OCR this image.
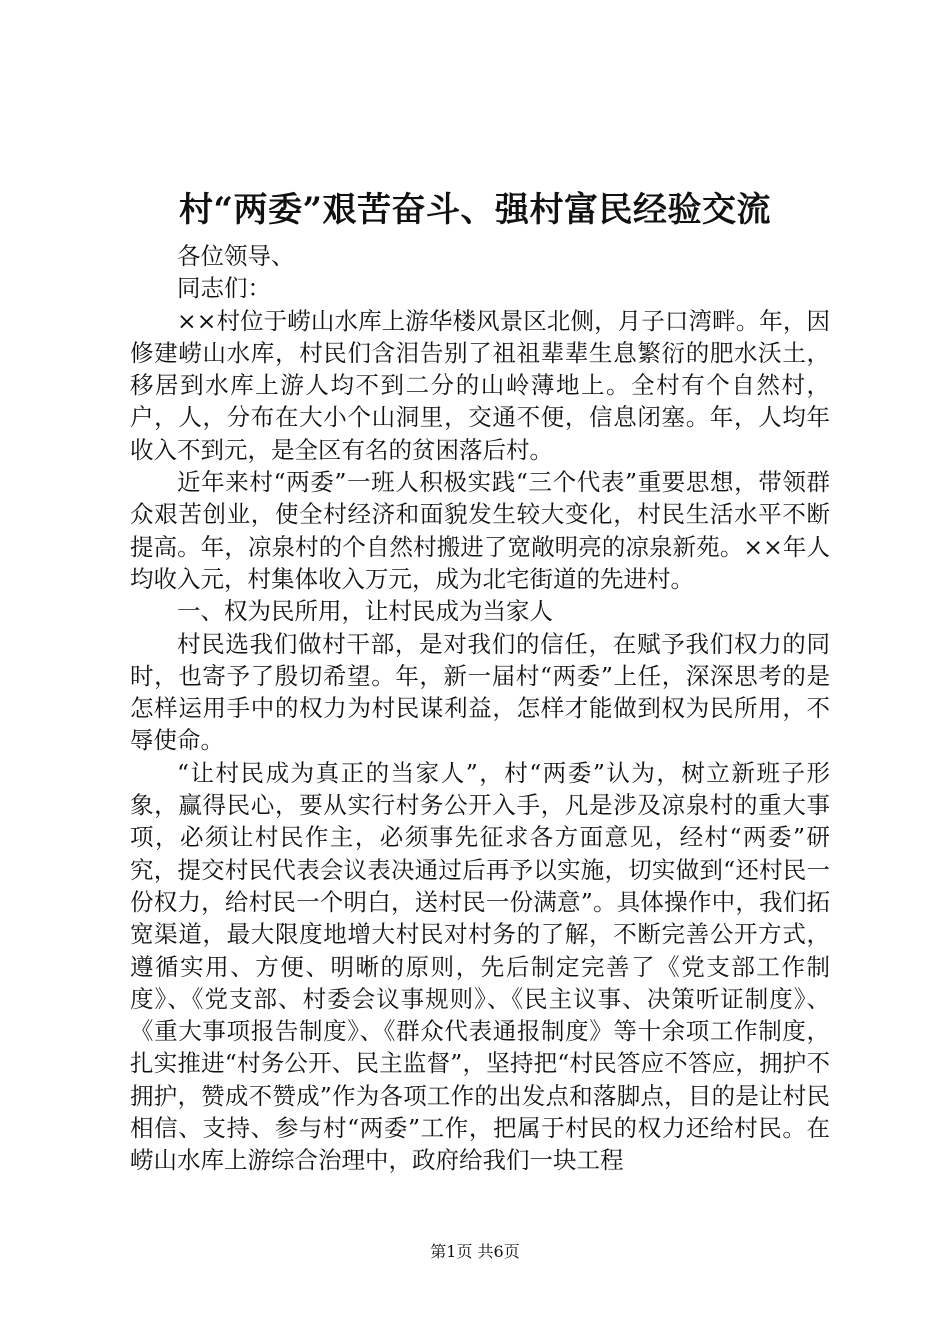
村“两委”艰苦奋斗、强村富民经验交流

各位领导、

同志们：

××村位于崂山水库上游华楼风景区北侧，月子口湾畔。年，因修建崂山水库，村民们含泪告别了祖祖辈辈生息繁衍的肥水沃土，移居到水库上游人均不到二分的山岭薄地上。全村有个自然村，户，人，分布在大小个山洞里，交通不便，信息闭塞。年，人均年收入不到元，是全区有名的贫困落后村。

近年来村“两委”一班人积极实践“三个代表”重要思想，带领群众艰苦创业，使全村经济和面貌发生较大变化，村民生活水平不断提高。年，凉泉村的个自然村搬进了宽敞明亮的凉泉新苑。××年人均收入元，村集体收入万元，成为北宅街道的先进村。

一、权为民所用，让村民成为当家人

村民选我们做村干部，是对我们的信任，在赋予我们权力的同时，也寄予了殷切希望。年，新一届村“两委”上任，深深思考的是怎样运用手中的权力为村民谋利益，怎样才能做到权为民所用，不辱使命。

“让村民成为真正的当家人”，村“两委”认为，树立新班子形象，赢得民心，要从实行村务公开入手，凡是涉及凉泉村的重大事项，必须让村民作主，必须事先征求各方面意见，经村“两委”研究，提交村民代表会议表决通过后再予以实施，切实做到“还村民一份权力，给村民一个明白，送村民一份满意”。具体操作中，我们拓宽渠道，最大限度地增大村民对村务的了解，不断完善公开方式，遵循实用、方便、明晰的原则，先后制定完善了《党支部工作制度》、《党支部、村委会议事规则》、《民主议事、决策听证制度》、《重大事项报告制度》、《群众代表通报制度》等十余项工作制度，扎实推进“村务公开、民主监督”，坚持把“村民答应不答应，拥护不拥护，赞成不赞成”作为各项工作的出发点和落脚点，目的是让村民相信、支持、参与村“两委”工作，把属于村民的权力还给村民。在崂山水库上游综合治理中，政府给我们一块工程

第1页 共6页
